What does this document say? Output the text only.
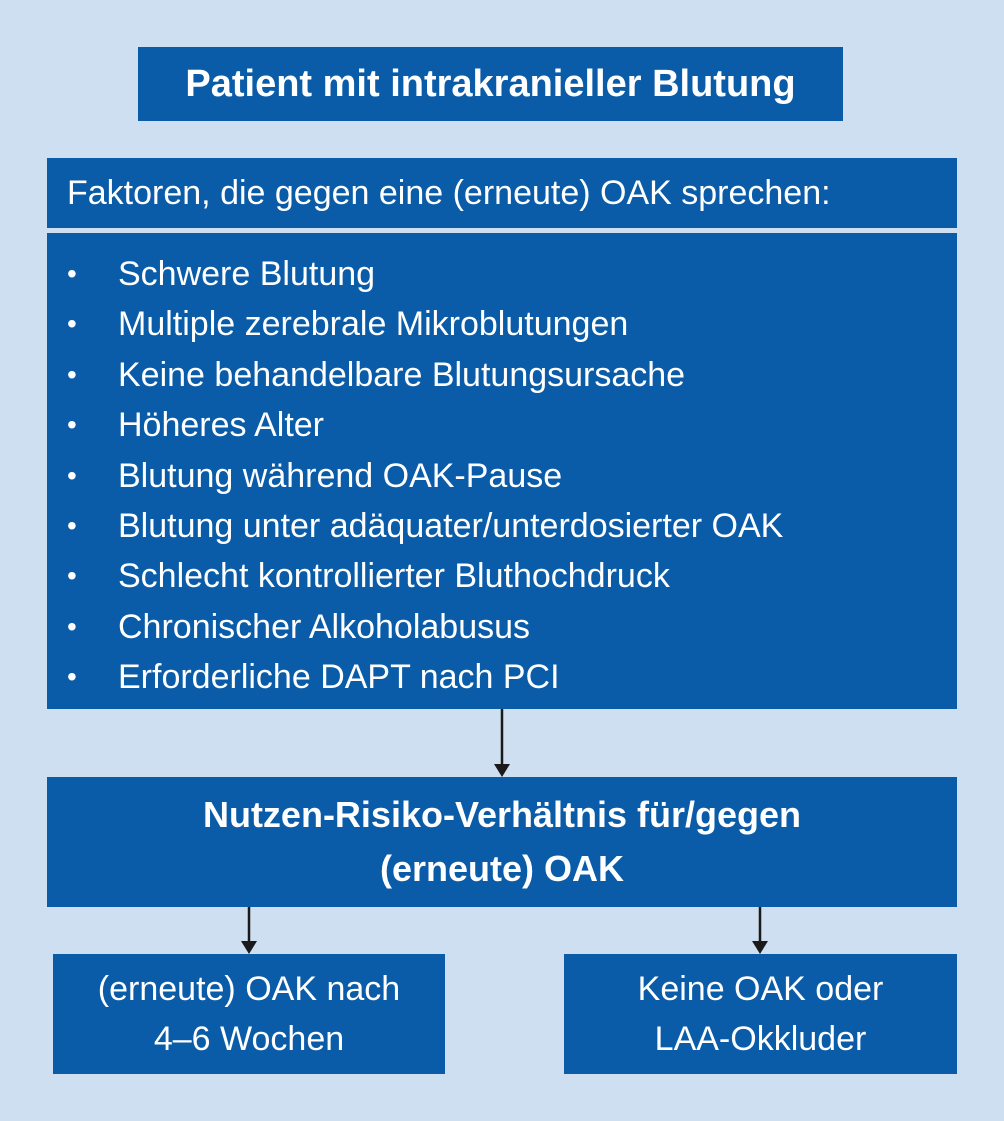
Patient mit intrakranieller Blutung
Faktoren, die gegen eine (erneute) OAK sprechen:
• Schwere Blutung
• Multiple zerebrale Mikroblutungen
• Keine behandelbare Blutungsursache
• Höheres Alter
• Blutung während OAK-Pause
• Blutung unter adäquater/unterdosierter OAK
• Schlecht kontrollierter Bluthochdruck
• Chronischer Alkoholabusus
• Erforderliche DAPT nach PCI
Nutzen-Risiko-Verhältnis für/gegen
(erneute) OAK
(erneute) OAK nach
4–6 Wochen
Keine OAK oder
LAA-Okkluder
